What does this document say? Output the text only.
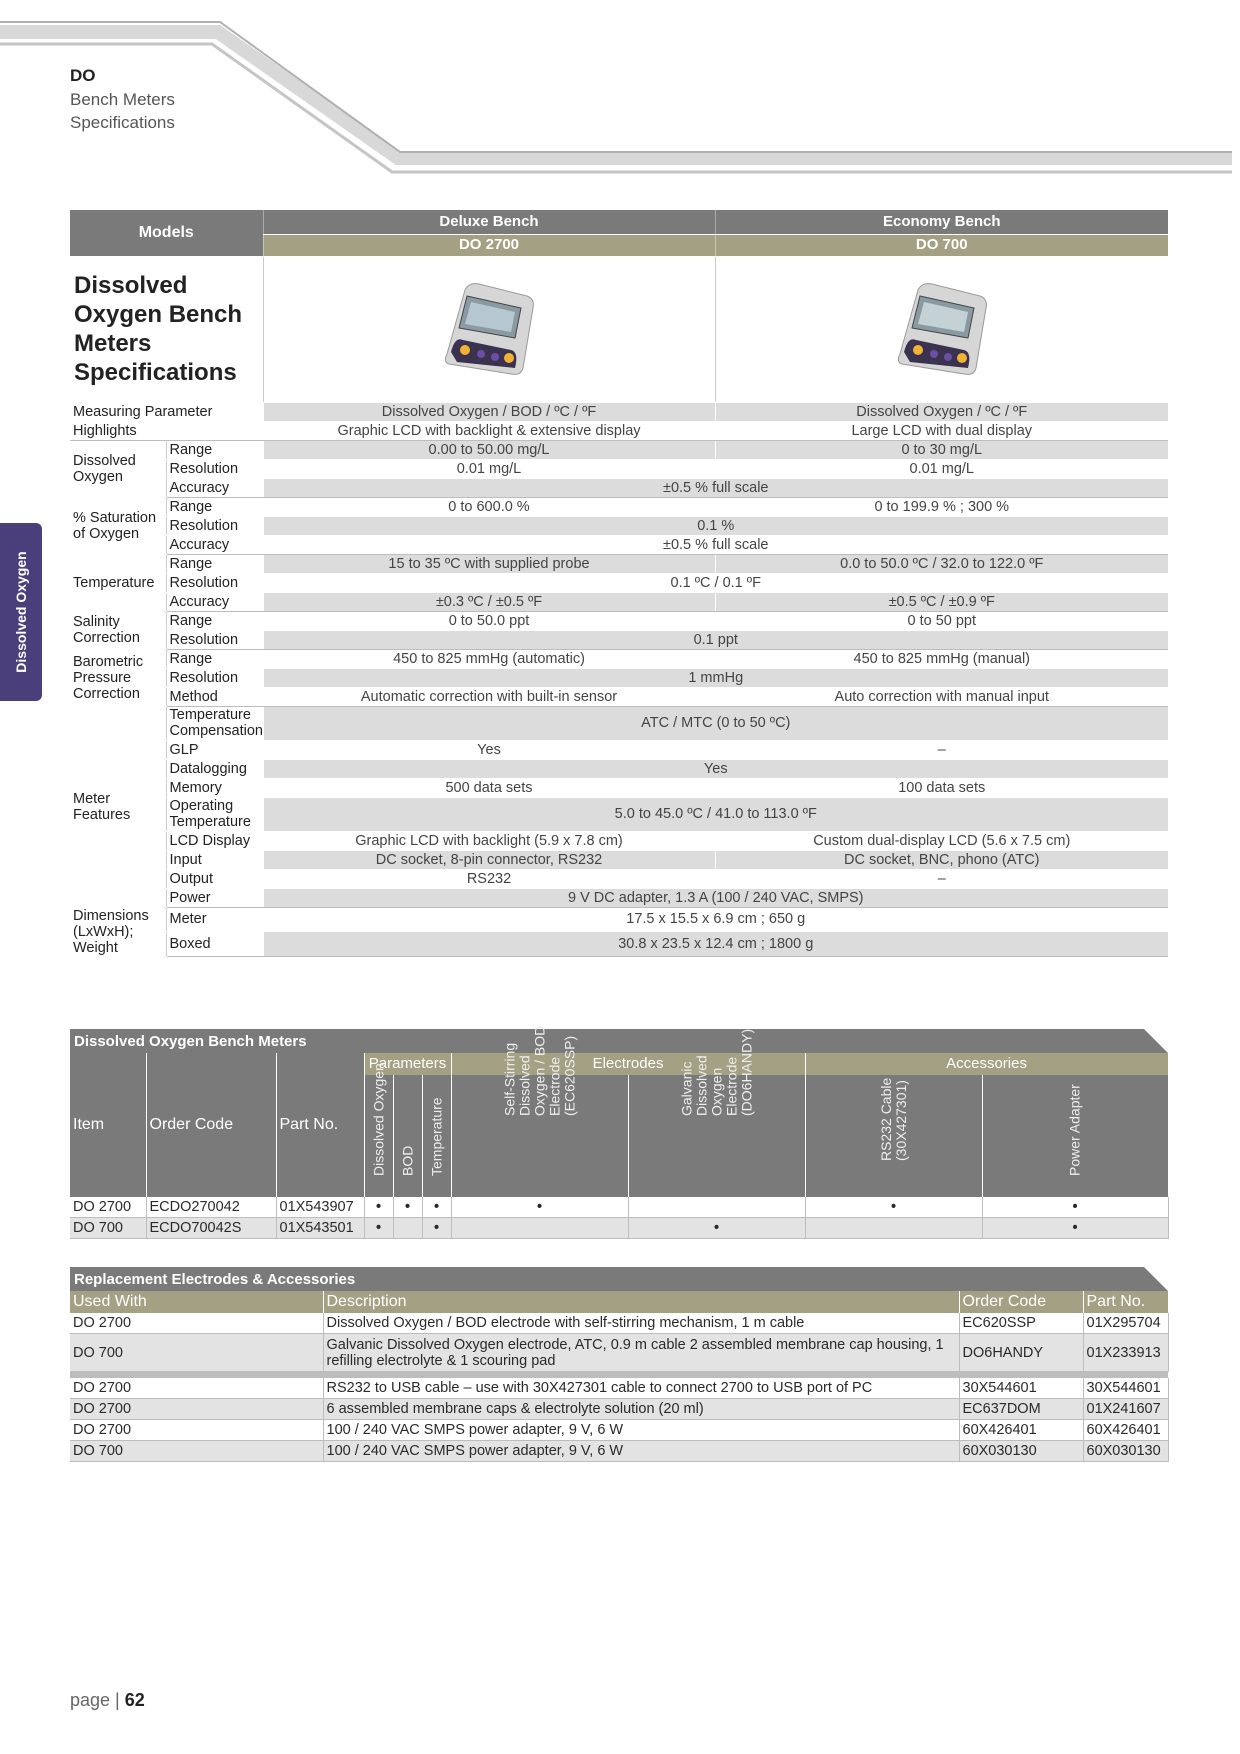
DO
Bench Meters
Specifications
Dissolved Oxygen
Models		Deluxe Bench	Economy Bench
		DO 2700	DO 700
Dissolved Oxygen Bench Meters Specifications		
Measuring Parameter		Dissolved Oxygen / BOD / ºC / ºF	Dissolved Oxygen / ºC / ºF
Highlights		Graphic LCD with backlight & extensive display	Large LCD with dual display
Dissolved Oxygen	Range	0.00 to 50.00 mg/L	0 to 30 mg/L
	Resolution	0.01 mg/L	0.01 mg/L
	Accuracy	±0.5 % full scale	
% Saturation of Oxygen	Range	0 to 600.0 %	0 to 199.9 % ; 300 %
	Resolution	0.1 %	
	Accuracy	±0.5 % full scale	
Temperature	Range	15 to 35 ºC with supplied probe	0.0 to 50.0 ºC / 32.0 to 122.0 ºF
	Resolution	0.1 ºC / 0.1 ºF	
	Accuracy	±0.3 ºC / ±0.5 ºF	±0.5 ºC / ±0.9 ºF
Salinity Correction	Range	0 to 50.0 ppt	0 to 50 ppt
	Resolution	0.1 ppt	
Barometric Pressure Correction	Range	450 to 825 mmHg (automatic)	450 to 825 mmHg (manual)
	Resolution	1 mmHg	
	Method	Automatic correction with built-in sensor	Auto correction with manual input
Meter Features	Temperature Compensation	ATC / MTC (0 to 50 ºC)	
	GLP	Yes	–
	Datalogging	Yes	
	Memory	500 data sets	100 data sets
	Operating Temperature	5.0 to 45.0 ºC / 41.0 to 113.0 ºF	
	LCD Display	Graphic LCD with backlight (5.9 x 7.8 cm)	Custom dual-display LCD (5.6 x 7.5 cm)
	Input	DC socket, 8-pin connector, RS232	DC socket, BNC, phono (ATC)
	Output	RS232	–
	Power	9 V DC adapter, 1.3 A (100 / 240 VAC, SMPS)	
Dimensions (LxWxH); Weight	Meter	17.5 x 15.5 x 6.9 cm ; 650 g	
	Boxed	30.8 x 23.5 x 12.4 cm ; 1800 g	
Dissolved Oxygen Bench Meters
Item	Order Code	Part No.	Parameters			Electrodes		Accessories	

			Dissolved Oxygen	BOD	Temperature	Self-Stirring Dissolved Oxygen / BOD Electrode (EC620SSP)	Galvanic Dissolved Oxygen Electrode (DO6HANDY)	RS232 Cable (30X427301)	Power Adapter

DO 2700	ECDO270042	01X543907	•	•	•	•		•	•
DO 700	ECDO70042S	01X543501	•		•		•		•
Replacement Electrodes & Accessories
Used With	Description	Order Code	Part No.
DO 2700	Dissolved Oxygen / BOD electrode with self-stirring mechanism, 1 m cable	EC620SSP	01X295704
DO 700	Galvanic Dissolved Oxygen electrode, ATC, 0.9 m cable 2 assembled membrane cap housing, 1 refilling electrolyte & 1 scouring pad	DO6HANDY	01X233913

DO 2700	RS232 to USB cable – use with 30X427301 cable to connect 2700 to USB port of PC	30X544601	30X544601
DO 2700	6 assembled membrane caps & electrolyte solution (20 ml)	EC637DOM	01X241607
DO 2700	100 / 240 VAC SMPS power adapter, 9 V, 6 W	60X426401	60X426401
DO 700	100 / 240 VAC SMPS power adapter, 9 V, 6 W	60X030130	60X030130
page | 62
